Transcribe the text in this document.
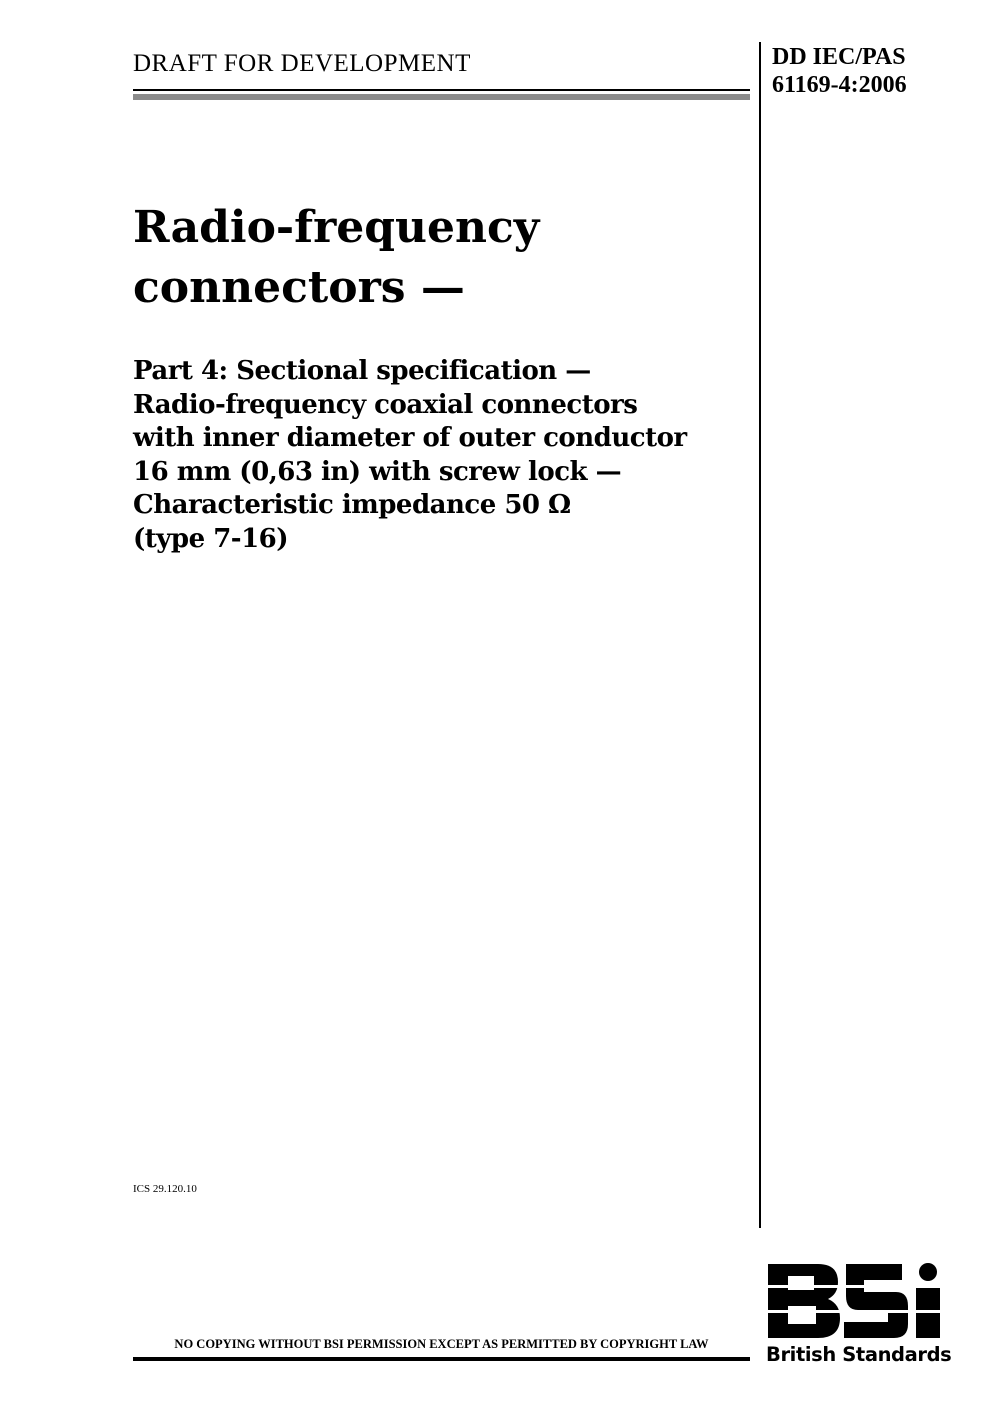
DRAFT FOR DEVELOPMENT	DD IEC/PAS
61169-4:2006
Radio-frequency
connectors —
Part 4: Sectional specification —
Radio-frequency coaxial connectors
with inner diameter of outer conductor
16 mm (0,63 in) with screw lock —
Characteristic impedance 50 Ω
(type 7-16)
ICS 29.120.10
NO COPYING WITHOUT BSI PERMISSION EXCEPT AS PERMITTED BY COPYRIGHT LAW	British Standards
